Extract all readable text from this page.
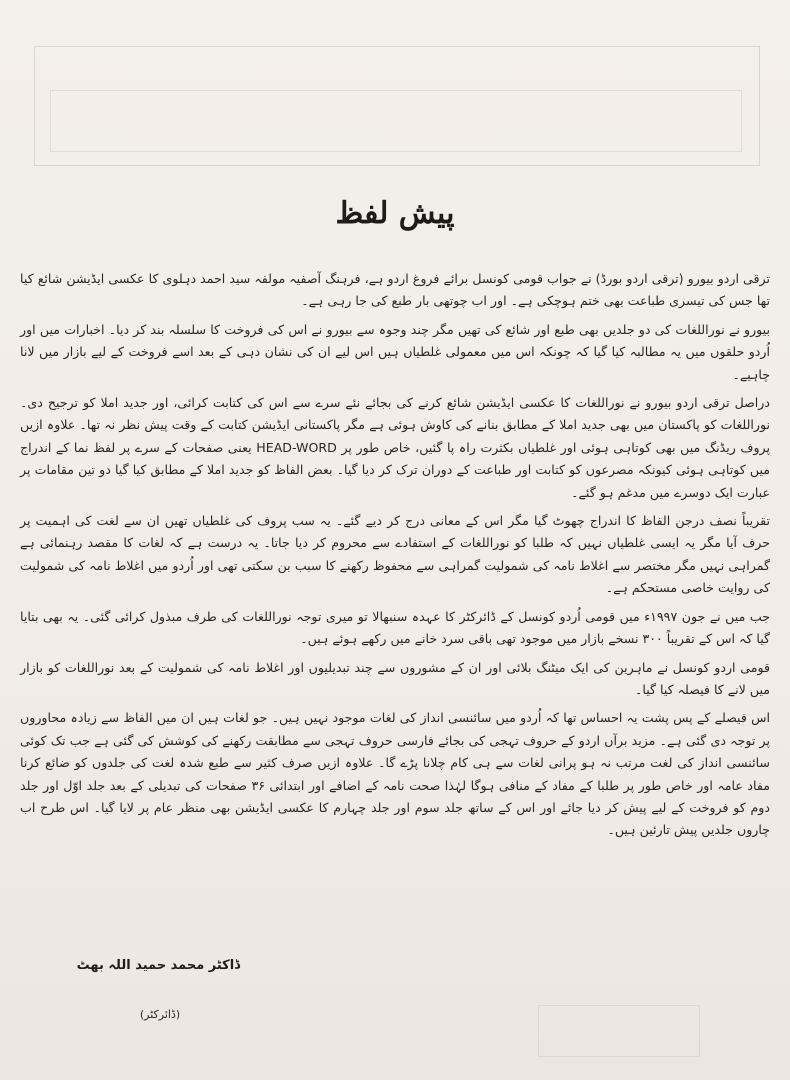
پیش لفظ

ترقی اردو بیورو (ترقی اردو بورڈ) نے جواب قومی کونسل برائے فروغ اردو ہے، فرہنگ آصفیہ مولفہ سید احمد دہلوی کا عکسی ایڈیشن شائع کیا تھا جس کی تیسری طباعت بھی ختم ہوچکی ہے۔ اور اب چوتھی بار طبع کی جا رہی ہے۔

بیورو نے نوراللغات کی دو جلدیں بھی طبع اور شائع کی تھیں مگر چند وجوہ سے بیورو نے اس کی فروخت کا سلسلہ بند کر دیا۔ اخبارات میں اور اُردو حلقوں میں یہ مطالبہ کیا گیا کہ چونکہ اس میں معمولی غلطیاں ہیں اس لیے ان کی نشان دہی کے بعد اسے فروخت کے لیے بازار میں لانا چاہیے۔

دراصل ترقی اردو بیورو نے نوراللغات کا عکسی ایڈیشن شائع کرنے کی بجائے نئے سرے سے اس کی کتابت کرائی، اور جدید املا کو ترجیح دی۔ نوراللغات کو پاکستان میں بھی جدید املا کے مطابق بنانے کی کاوش ہوئی ہے مگر پاکستانی ایڈیشن کتابت کے وقت پیش نظر نہ تھا۔ علاوہ ازیں پروف ریڈنگ میں بھی کوتاہی ہوئی اور غلطیاں بکثرت راہ پا گئیں، خاص طور پر HEAD-WORD یعنی صفحات کے سرے پر لفظ نما کے اندراج میں کوتاہی ہوئی کیونکہ مصرعوں کو کتابت اور طباعت کے دوران ترک کر دیا گیا۔ بعض الفاظ کو جدید املا کے مطابق کیا گیا دو تین مقامات پر عبارت ایک دوسرے میں مدغم ہو گئے۔

تقریباً نصف درجن الفاظ کا اندراج چھوٹ گیا مگر اس کے معانی درج کر دیے گئے۔ یہ سب پروف کی غلطیاں تھیں ان سے لغت کی اہمیت پر حرف آیا مگر یہ ایسی غلطیاں نہیں کہ طلبا کو نوراللغات کے استفادے سے محروم کر دیا جاتا۔ یہ درست ہے کہ لغات کا مقصد رہنمائی ہے گمراہی نہیں مگر مختصر سے اغلاط نامہ کی شمولیت گمراہی سے محفوظ رکھنے کا سبب بن سکتی تھی اور اُردو میں اغلاط نامہ کی شمولیت کی روایت خاصی مستحکم ہے۔

جب میں نے جون ۱۹۹۷ء میں قومی اُردو کونسل کے ڈائرکٹر کا عہدہ سنبھالا تو میری توجہ نوراللغات کی طرف مبذول کرائی گئی۔ یہ بھی بتایا گیا کہ اس کے تقریباً ۳۰۰ نسخے بازار میں موجود تھی باقی سرد خانے میں رکھے ہوئے ہیں۔

قومی اردو کونسل نے ماہرین کی ایک میٹنگ بلائی اور ان کے مشوروں سے چند تبدیلیوں اور اغلاط نامہ کی شمولیت کے بعد نوراللغات کو بازار میں لانے کا فیصلہ کیا گیا۔

اس فیصلے کے پس پشت یہ احساس تھا کہ اُردو میں سائنسی انداز کی لغات موجود نہیں ہیں۔ جو لغات ہیں ان میں الفاظ سے زیادہ محاوروں پر توجہ دی گئی ہے۔ مزید برآں اردو کے حروف تہجی کی بجائے فارسی حروف تہجی سے مطابقت رکھنے کی کوشش کی گئی ہے جب تک کوئی سائنسی انداز کی لغت مرتب نہ ہو پرانی لغات سے ہی کام چلانا پڑے گا۔ علاوہ ازیں صرف کثیر سے طبع شدہ لغت کی جلدوں کو ضائع کرنا مفاد عامہ اور خاص طور پر طلبا کے مفاد کے منافی ہوگا لہٰذا صحت نامہ کے اضافے اور ابتدائی ۳۶ صفحات کی تبدیلی کے بعد جلد اوّل اور جلد دوم کو فروخت کے لیے پیش کر دیا جائے اور اس کے ساتھ جلد سوم اور جلد چہارم کا عکسی ایڈیشن بھی منظر عام پر لایا گیا۔ اس طرح اب چاروں جلدیں پیش تارئین ہیں۔

ڈاکٹر محمد حمید اللہ بھٹ
(ڈائرکٹر)
